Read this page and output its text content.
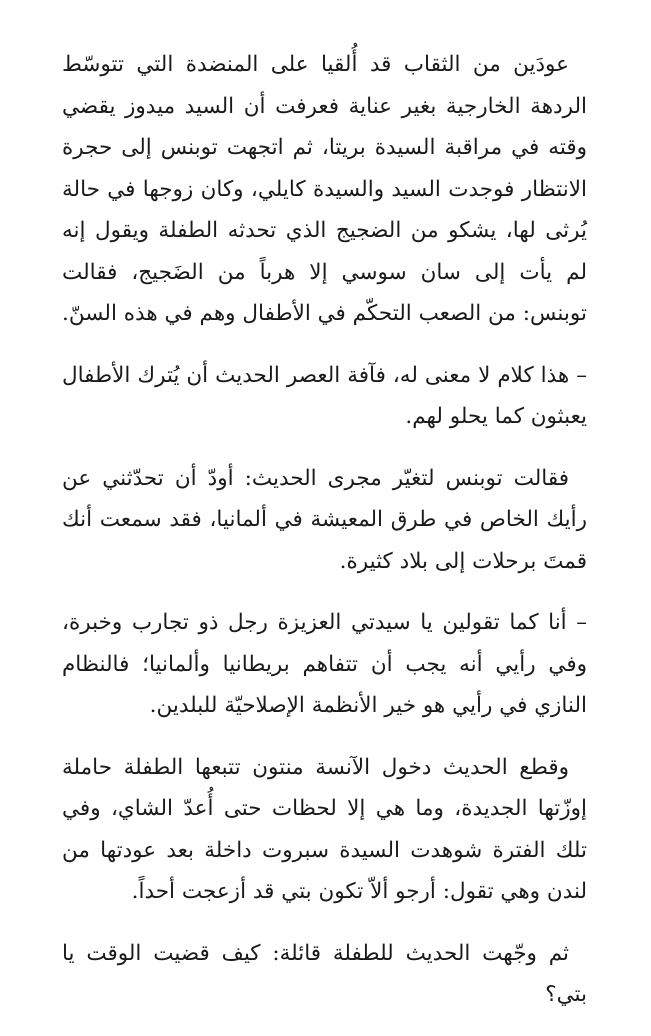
عودَين من الثقاب قد أُلقيا على المنضدة التي تتوسّط الردهة الخارجية بغير عناية فعرفت أن السيد ميدوز يقضي وقته في مراقبة السيدة بريتا، ثم اتجهت توبنس إلى حجرة الانتظار فوجدت السيد والسيدة كايلي، وكان زوجها في حالة يُرثى لها، يشكو من الضجيج الذي تحدثه الطفلة ويقول إنه لم يأت إلى سان سوسي إلا هرباً من الضَجيج، فقالت توبنس: من الصعب التحكّم في الأطفال وهم في هذه السنّ.

– هذا كلام لا معنى له، فآفة العصر الحديث أن يُترك الأطفال يعبثون كما يحلو لهم.

فقالت توبنس لتغيّر مجرى الحديث: أودّ أن تحدّثني عن رأيك الخاص في طرق المعيشة في ألمانيا، فقد سمعت أنك قمتَ برحلات إلى بلاد كثيرة.

– أنا كما تقولين يا سيدتي العزيزة رجل ذو تجارب وخبرة، وفي رأيي أنه يجب أن تتفاهم بريطانيا وألمانيا؛ فالنظام النازي في رأيي هو خير الأنظمة الإصلاحيّة للبلدين.

وقطع الحديث دخول الآنسة منتون تتبعها الطفلة حاملة إوزّتها الجديدة، وما هي إلا لحظات حتى أُعدّ الشاي، وفي تلك الفترة شوهدت السيدة سبروت داخلة بعد عودتها من لندن وهي تقول: أرجو ألاّ تكون بتي قد أزعجت أحداً.

ثم وجّهت الحديث للطفلة قائلة: كيف قضيت الوقت يا بتي؟
